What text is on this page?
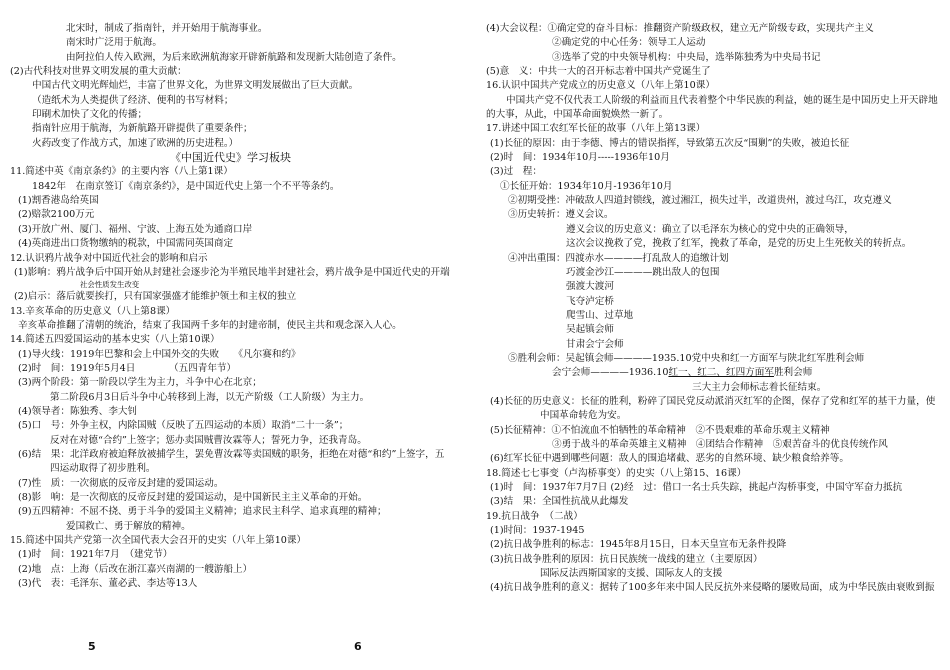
北宋时，制成了指南针，并开始用于航海事业。
南宋时广泛用于航海。
由阿拉伯人传入欧洲，为后来欧洲航海家开辟新航路和发现新大陆创造了条件。
(2)古代科技对世界文明发展的重大贡献：
中国古代文明光辉灿烂，丰富了世界文化，为世界文明发展做出了巨大贡献。
（造纸术为人类提供了经济、便利的书写材料；
印刷术加快了文化的传播；
指南针应用于航海，为新航路开辟提供了重要条件；
火药改变了作战方式，加速了欧洲的历史进程。）
《中国近代史》学习板块
11.简述中英《南京条约》的主要内容（八上第1课）
1842年　在南京签订《南京条约》，是中国近代史上第一个不平等条约。
(1)割香港岛给英国
(2)赔款2100万元
(3)开放广州、厦门、福州、宁波、上海五处为通商口岸
(4)英商进出口货物缴纳的税款，中国需同英国商定
12.认识鸦片战争对中国近代社会的影响和启示
(1)影响：鸦片战争后中国开始从封建社会逐步沦为半殖民地半封建社会，鸦片战争是中国近代史的开端
社会性质发生改变
(2)启示：落后就要挨打，只有国家强盛才能维护领土和主权的独立
13.辛亥革命的历史意义（八上第8课）
辛亥革命推翻了清朝的统治，结束了我国两千多年的封建帝制，使民主共和观念深入人心。
14.简述五四爱国运动的基本史实（八上第10课）
(1)导火线：1919年巴黎和会上中国外交的失败　　《凡尔赛和约》
(2)时　间：1919年5月4日　　　　（五四青年节）
(3)两个阶段：第一阶段以学生为主力，斗争中心在北京；
第二阶段6月3日后斗争中心转移到上海，以无产阶级（工人阶级）为主力。
(4)领导者：陈独秀、李大钊
(5)口　号：外争主权，内除国贼（反映了五四运动的本质）取消“二十一条”；
反对在对德“合约”上签字；惩办卖国贼曹汝霖等人；誓死力争，还我青岛。
(6)结　果：北洋政府被迫释放被捕学生，罢免曹汝霖等卖国贼的职务，拒绝在对德“和约”上签字，五
四运动取得了初步胜利。
(7)性　质：一次彻底的反帝反封建的爱国运动。
(8)影　响：是一次彻底的反帝反封建的爱国运动，是中国新民主主义革命的开始。
(9)五四精神：不屈不挠、勇于斗争的爱国主义精神；追求民主科学、追求真理的精神；
爱国救亡、勇于解放的精神。
15.简述中国共产党第一次全国代表大会召开的史实（八年上第10课）
(1)时　间：1921年7月　（建党节）
(2)地　点：上海（后改在浙江嘉兴南湖的一艘游船上）
(3)代　表：毛泽东、董必武、李达等13人
(4)大会议程：①确定党的奋斗目标：推翻资产阶级政权，建立无产阶级专政，实现共产主义
②确定党的中心任务：领导工人运动
③选举了党的中央领导机构：中央局，选举陈独秀为中央局书记
(5)意　义：中共一大的召开标志着中国共产党诞生了
16.认识中国共产党成立的历史意义（八年上第10课）
中国共产党不仅代表工人阶级的利益而且代表着整个中华民族的利益，她的诞生是中国历史上开天辟地的大事，从此，中国革命面貌焕然一新了。
17.讲述中国工农红军长征的故事（八年上第13课）
(1)长征的原因：由于李德、博古的错误指挥，导致第五次反“围剿”的失败，被迫长征
(2)时　间：1934年10月-----1936年10月
(3)过　程：
①长征开始：1934年10月-1936年10月
②初期受挫：冲破敌人四道封锁线，渡过湘江，损失过半，改道贵州，渡过乌江，攻克遵义
③历史转折：遵义会议。
遵义会议的历史意义：确立了以毛泽东为核心的党中央的正确领导，
这次会议挽救了党，挽救了红军，挽救了革命，是党的历史上生死攸关的转折点。
④冲出重围：四渡赤水————打乱敌人的追缴计划
巧渡金沙江————跳出敌人的包围
强渡大渡河
飞夺泸定桥
爬雪山、过草地
吴起镇会师
甘肃会宁会师
⑤胜利会师：吴起镇会师————1935.10党中央和红一方面军与陕北红军胜利会师
会宁会师————1936.10红一、红二、红四方面军胜利会师
三大主力会师标志着长征结束。
(4)长征的历史意义：长征的胜利，粉碎了国民党反动派消灭红军的企图，保存了党和红军的基干力量，使
中国革命转危为安。
(5)长征精神：①不怕流血不怕牺牲的革命精神　②不畏艰难的革命乐观主义精神
③勇于战斗的革命英雄主义精神　④团结合作精神　⑤艰苦奋斗的优良传统作风
(6)红军长征中遇到哪些问题：敌人的围追堵截、恶劣的自然环境、缺少粮食给养等。
18.简述七七事变（卢沟桥事变）的史实（八上第15、16课）
(1)时　间：1937年7月7日 (2)经　过：借口一名士兵失踪，挑起卢沟桥事变，中国守军奋力抵抗
(3)结　果：全国性抗战从此爆发
19.抗日战争　（二战）
(1)时间：1937-1945
(2)抗日战争胜利的标志：1945年8月15日，日本天皇宣布无条件投降
(3)抗日战争胜利的原因：抗日民族统一战线的建立（主要原因）
国际反法西斯国家的支援、国际友人的支援
(4)抗日战争胜利的意义：据转了100多年来中国人民反抗外来侵略的屡败局面，成为中华民族由衰败到振
5	6
